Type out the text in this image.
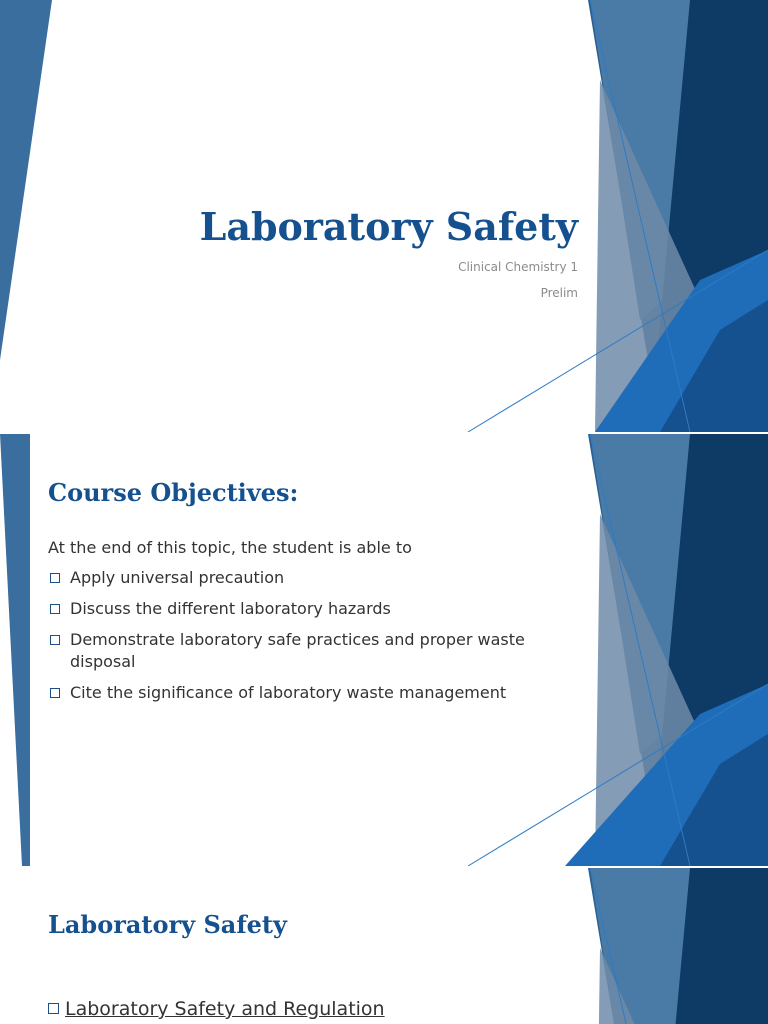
Laboratory Safety
Clinical Chemistry 1
Prelim
Course Objectives:
At the end of this topic, the student is able to
Apply universal precaution
Discuss the different laboratory hazards
Demonstrate laboratory safe practices and proper waste disposal
Cite the significance of laboratory waste management
Laboratory Safety
Laboratory Safety and Regulation
